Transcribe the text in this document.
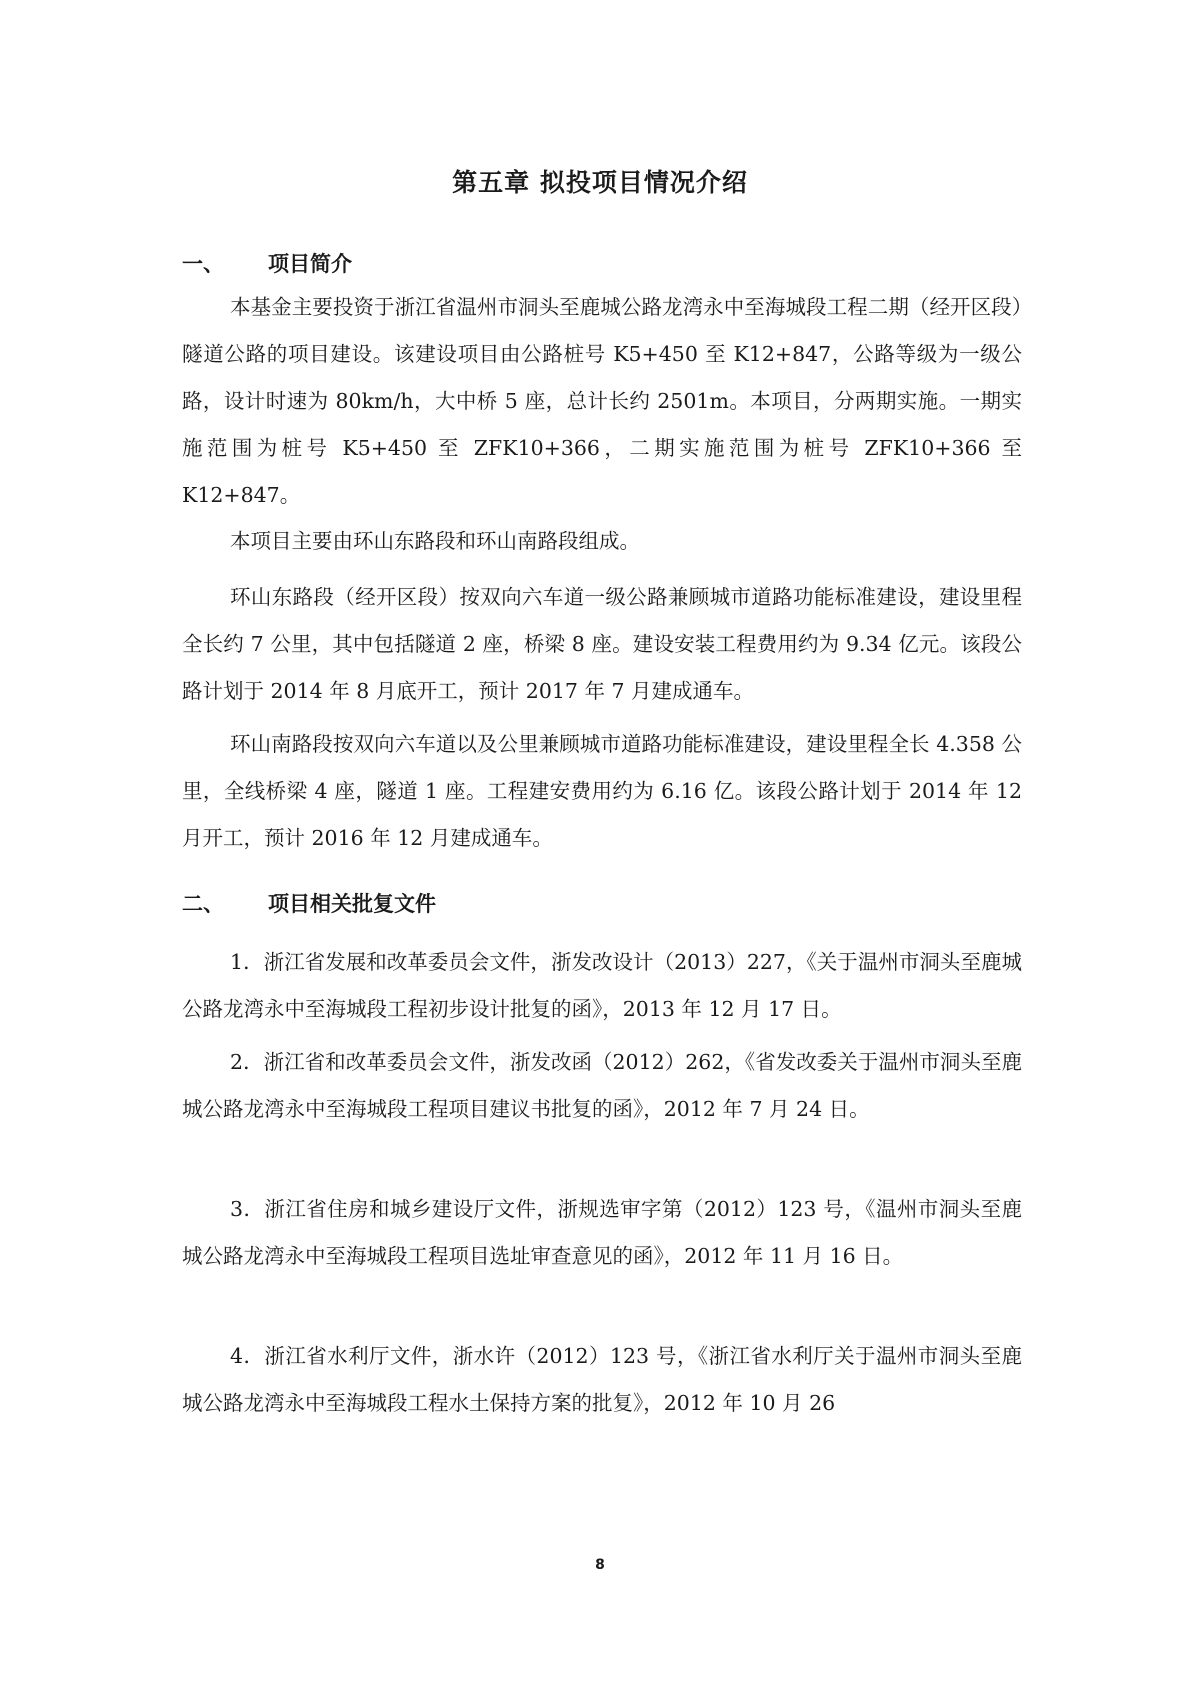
第五章 拟投项目情况介绍
一、 项目简介

本基金主要投资于浙江省温州市洞头至鹿城公路龙湾永中至海城段工程二期（经开区段）隧道公路的项目建设。该建设项目由公路桩号 K5+450 至 K12+847，公路等级为一级公路，设计时速为 80km/h，大中桥 5 座，总计长约 2501m。本项目，分两期实施。一期实施范围为桩号 K5+450 至 ZFK10+366，二期实施范围为桩号 ZFK10+366 至 K12+847。

本项目主要由环山东路段和环山南路段组成。

环山东路段（经开区段）按双向六车道一级公路兼顾城市道路功能标准建设，建设里程全长约 7 公里，其中包括隧道 2 座，桥梁 8 座。建设安装工程费用约为 9.34 亿元。该段公路计划于 2014 年 8 月底开工，预计 2017 年 7 月建成通车。

环山南路段按双向六车道以及公里兼顾城市道路功能标准建设，建设里程全长 4.358 公里，全线桥梁 4 座，隧道 1 座。工程建安费用约为 6.16 亿。该段公路计划于 2014 年 12 月开工，预计 2016 年 12 月建成通车。

二、 项目相关批复文件

1．浙江省发展和改革委员会文件，浙发改设计（2013）227，《关于温州市洞头至鹿城公路龙湾永中至海城段工程初步设计批复的函》，2013 年 12 月 17 日。

2．浙江省和改革委员会文件，浙发改函（2012）262，《省发改委关于温州市洞头至鹿城公路龙湾永中至海城段工程项目建议书批复的函》，2012 年 7 月 24 日。

3．浙江省住房和城乡建设厅文件，浙规选审字第（2012）123 号，《温州市洞头至鹿城公路龙湾永中至海城段工程项目选址审查意见的函》，2012 年 11 月 16 日。

4．浙江省水利厅文件，浙水许（2012）123 号，《浙江省水利厅关于温州市洞头至鹿城公路龙湾永中至海城段工程水土保持方案的批复》，2012 年 10 月 26

8
